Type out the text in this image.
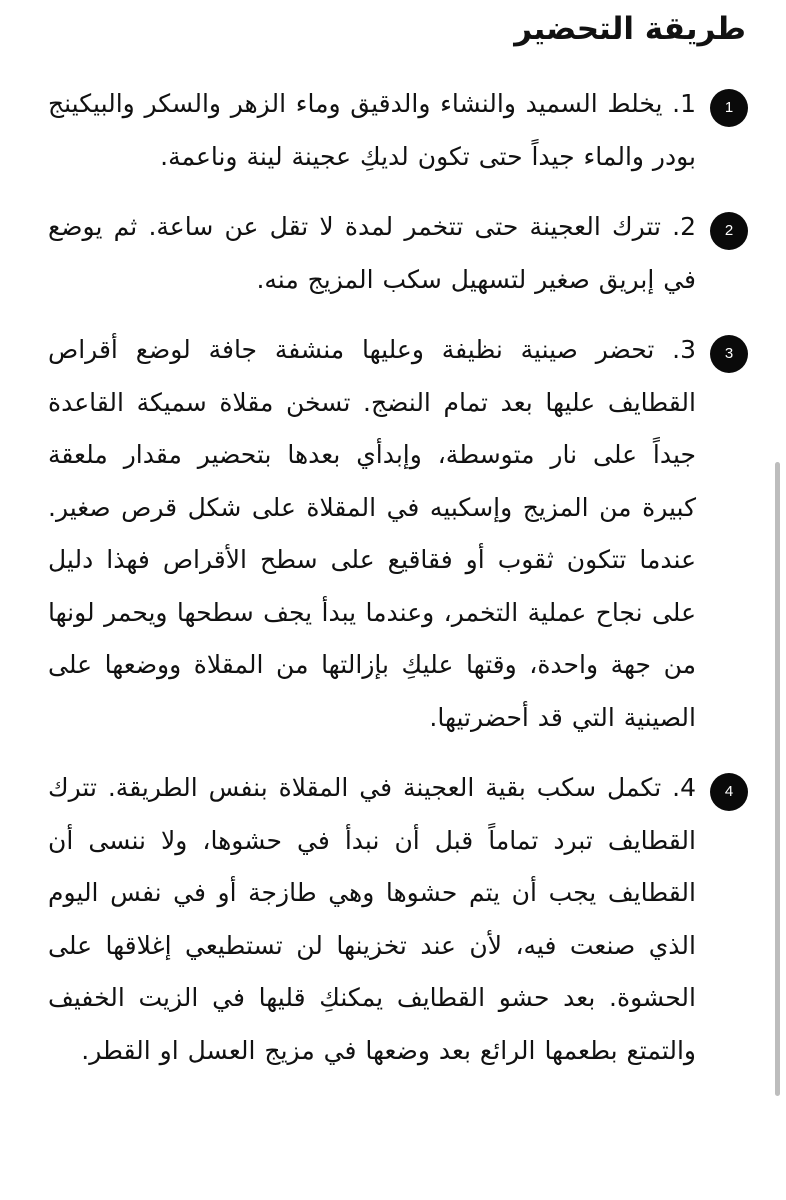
طريقة التحضير
1
1. يخلط السميد والنشاء والدقيق وماء الزهر والسكر والبيكينج بودر والماء جيداً حتى تكون لديكِ عجينة لينة وناعمة.
2
2. تترك العجينة حتى تتخمر لمدة لا تقل عن ساعة. ثم يوضع في إبريق صغير لتسهيل سكب المزيج منه.
3
3. تحضر صينية نظيفة وعليها منشفة جافة لوضع أقراص القطايف عليها بعد تمام النضج. تسخن مقلاة سميكة القاعدة جيداً على نار متوسطة، وإبدأي بعدها بتحضير مقدار ملعقة كبيرة من المزيج وإسكبيه في المقلاة على شكل قرص صغير. عندما تتكون ثقوب أو فقاقيع على سطح الأقراص فهذا دليل على نجاح عملية التخمر، وعندما يبدأ يجف سطحها ويحمر لونها من جهة واحدة، وقتها عليكِ بإزالتها من المقلاة ووضعها على الصينية التي قد أحضرتيها.
4
4. تكمل سكب بقية العجينة في المقلاة بنفس الطريقة. تترك القطايف تبرد تماماً قبل أن نبدأ في حشوها، ولا ننسى أن القطايف يجب أن يتم حشوها وهي طازجة أو في نفس اليوم الذي صنعت فيه، لأن عند تخزينها لن تستطيعي إغلاقها على الحشوة. بعد حشو القطايف يمكنكِ قليها في الزيت الخفيف والتمتع بطعمها الرائع بعد وضعها في مزيج العسل او القطر.
